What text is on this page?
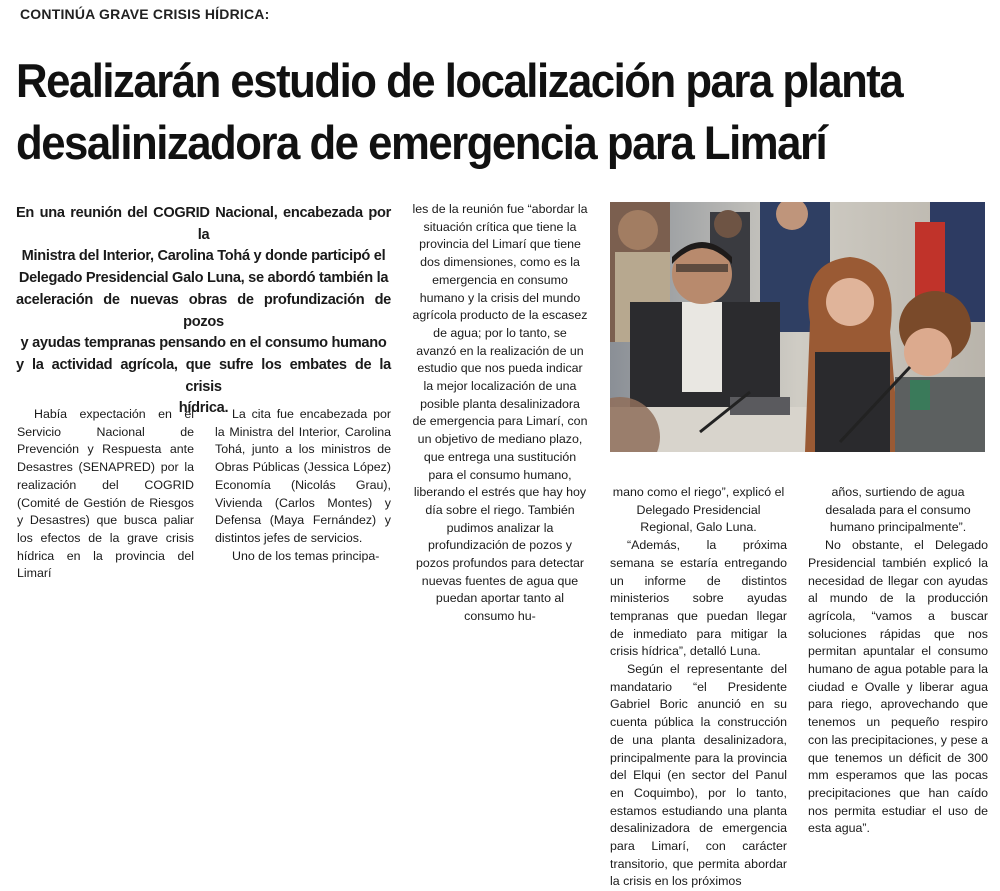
CONTINÚA GRAVE CRISIS HÍDRICA:
Realizarán estudio de localización para planta
desalinizadora de emergencia para Limarí
En una reunión del COGRID Nacional, encabezada por la
Ministra del Interior, Carolina Tohá y donde participó el
Delegado Presidencial Galo Luna, se abordó también la
aceleración de nuevas obras de profundización de pozos
y ayudas tempranas pensando en el consumo humano
y la actividad agrícola, que sufre los embates de la crisis
hídrica.

Había expectación en el Servicio Nacional de Prevención y Respuesta ante Desastres (SENAPRED) por la realización del COGRID (Comité de Gestión de Riesgos y Desastres) que busca paliar los efectos de la grave crisis hídrica en la provincia del Limarí

La cita fue encabezada por la Ministra del Interior, Carolina Tohá, junto a los ministros de Obras Públicas (Jessica López) Economía (Nicolás Grau), Vivienda (Carlos Montes) y Defensa (Maya Fernández) y distintos jefes de servicios.

Uno de los temas principa-

les de la reunión fue “abordar la situación crítica que tiene la provincia del Limarí que tiene dos dimensiones, como es la emergencia en consumo humano y la crisis del mundo agrícola producto de la escasez de agua; por lo tanto, se avanzó en la realización de un estudio que nos pueda indicar la mejor localización de una posible planta desalinizadora de emergencia para Limarí, con un objetivo de mediano plazo, que entrega una sustitución para el consumo humano, liberando el estrés que hay hoy día sobre el riego. También pudimos analizar la profundización de pozos y pozos profundos para detectar nuevas fuentes de agua que puedan aportar tanto al consumo hu-

mano como el riego”, explicó el Delegado Presidencial Regional, Galo Luna.

“Además, la próxima semana se estaría entregando un informe de distintos ministerios sobre ayudas tempranas que puedan llegar de inmediato para mitigar la crisis hídrica”, detalló Luna.

Según el representante del mandatario “el Presidente Gabriel Boric anunció en su cuenta pública la construcción de una planta desalinizadora, principalmente para la provincia del Elqui (en sector del Panul en Coquimbo), por lo tanto, estamos estudiando una planta desalinizadora de emergencia para Limarí, con carácter transitorio, que permita abordar la crisis en los próximos

años, surtiendo de agua desalada para el consumo humano principalmente”.

No obstante, el Delegado Presidencial también explicó la necesidad de llegar con ayudas al mundo de la producción agrícola, “vamos a buscar soluciones rápidas que nos permitan apuntalar el consumo humano de agua potable para la ciudad e Ovalle y liberar agua para riego, aprovechando que tenemos un pequeño respiro con las precipitaciones, y pese a que tenemos un déficit de 300 mm esperamos que las pocas precipitaciones que han caído nos permita estudiar el uso de esta agua”.
